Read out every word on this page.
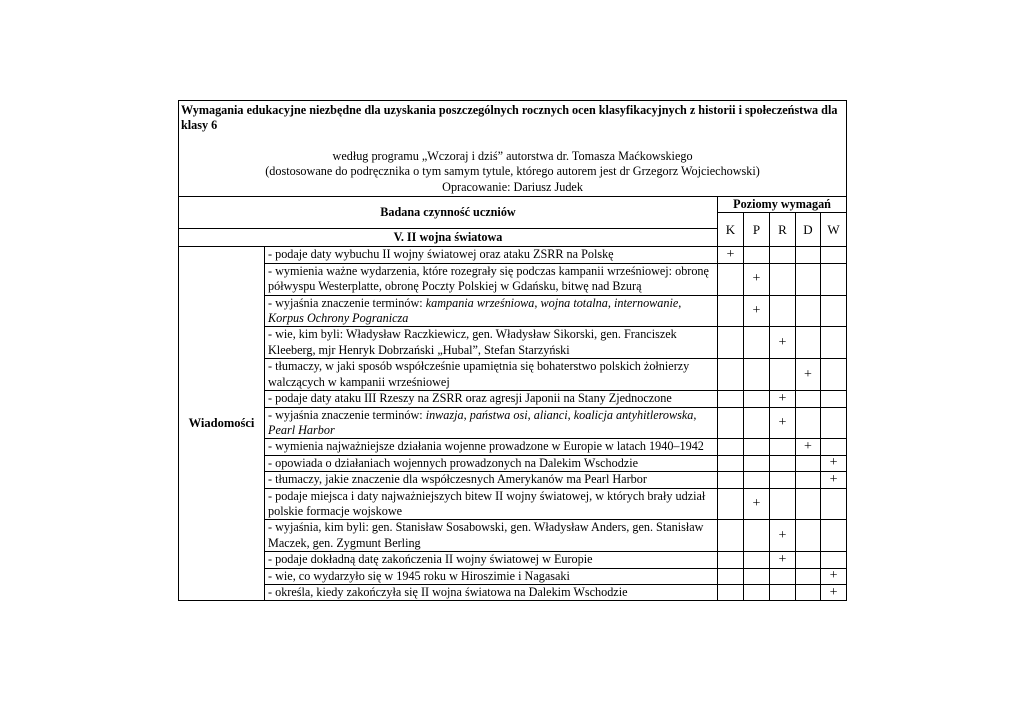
Wymagania edukacyjne niezbędne dla uzyskania poszczególnych rocznych ocen klasyfikacyjnych z historii i społeczeństwa dla klasy 6
według programu „Wczoraj i dziś” autorstwa dr. Tomasza Maćkowskiego
(dostosowane do podręcznika o tym samym tytule, którego autorem jest dr Grzegorz Wojciechowski)
Opracowanie: Dariusz Judek						

Badana czynność uczniów		Poziomy wymagań				
		K	P	R	D	W
V. II wojna światowa						
Wiadomości	- podaje daty wybuchu II wojny światowej oraz ataku ZSRR na Polskę	+				
	- wymienia ważne wydarzenia, które rozegrały się podczas kampanii wrześniowej: obronę półwyspu Westerplatte, obronę Poczty Polskiej w Gdańsku, bitwę nad Bzurą		+			
	- wyjaśnia znaczenie terminów: kampania wrześniowa, wojna totalna, internowanie, Korpus Ochrony Pogranicza		+			
	- wie, kim byli: Władysław Raczkiewicz, gen. Władysław Sikorski, gen. Franciszek Kleeberg, mjr Henryk Dobrzański „Hubal”, Stefan Starzyński			+		
	- tłumaczy, w jaki sposób współcześnie upamiętnia się bohaterstwo polskich żołnierzy walczących w kampanii wrześniowej				+	
	- podaje daty ataku III Rzeszy na ZSRR oraz agresji Japonii na Stany Zjednoczone			+		
	- wyjaśnia znaczenie terminów: inwazja, państwa osi, alianci, koalicja antyhitlerowska, Pearl Harbor			+		
	- wymienia najważniejsze działania wojenne prowadzone w Europie w latach 1940–1942				+	
	- opowiada o działaniach wojennych prowadzonych na Dalekim Wschodzie					+
	- tłumaczy, jakie znaczenie dla współczesnych Amerykanów ma Pearl Harbor					+
	- podaje miejsca i daty najważniejszych bitew II wojny światowej, w których brały udział polskie formacje wojskowe		+			
	- wyjaśnia, kim byli: gen. Stanisław Sosabowski, gen. Władysław Anders, gen. Stanisław Maczek, gen. Zygmunt Berling			+		
	- podaje dokładną datę zakończenia II wojny światowej w Europie			+		
	- wie, co wydarzyło się w 1945 roku w Hiroszimie i Nagasaki					+
	- określa, kiedy zakończyła się II wojna światowa na Dalekim Wschodzie					+
